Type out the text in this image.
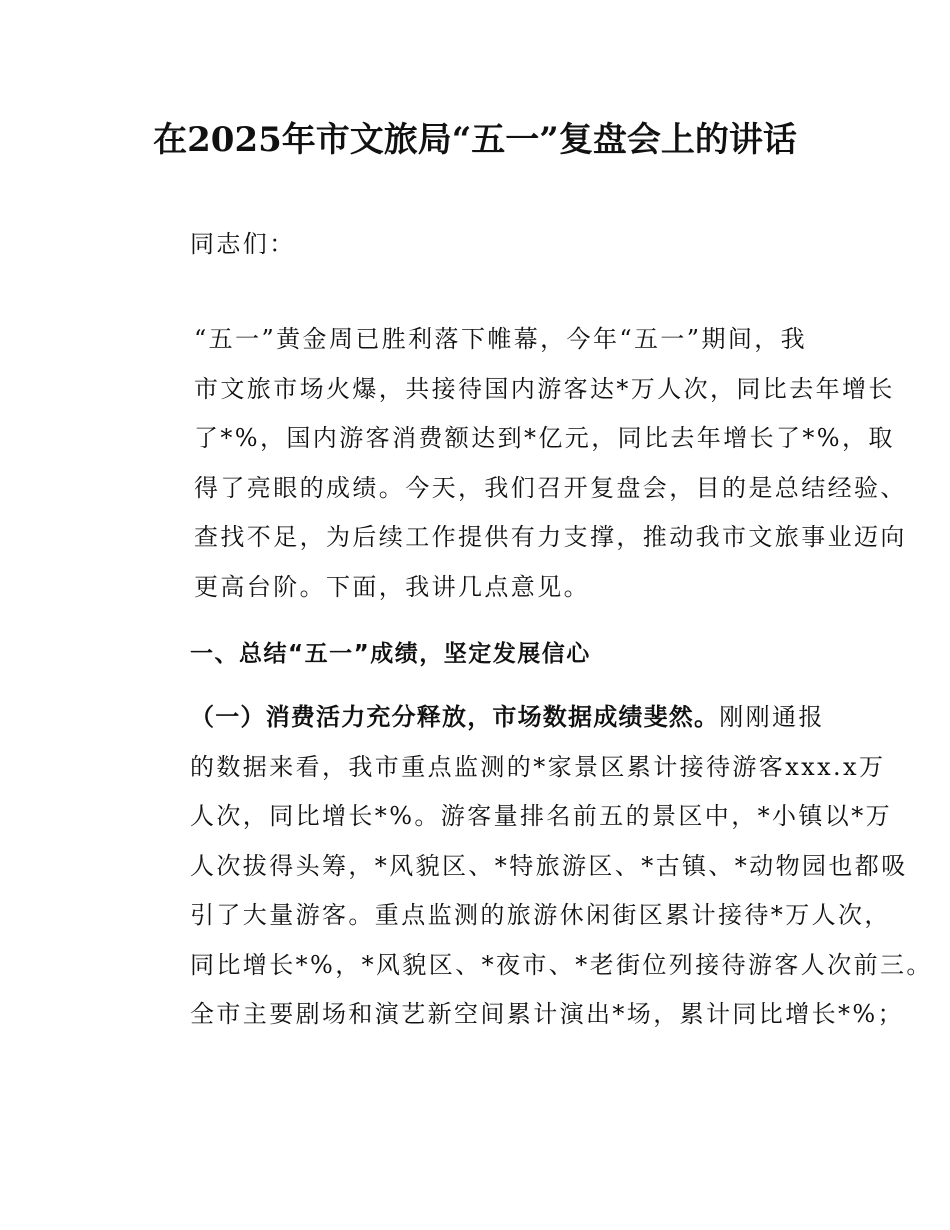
在2025年市文旅局“五一”复盘会上的讲话

同志们：

“五一”黄金周已胜利落下帷幕，今年“五一”期间，我
市文旅市场火爆，共接待国内游客达*万人次，同比去年增长
了*%，国内游客消费额达到*亿元，同比去年增长了*%，取
得了亮眼的成绩。今天，我们召开复盘会，目的是总结经验、
查找不足，为后续工作提供有力支撑，推动我市文旅事业迈向
更高台阶。下面，我讲几点意见。

一、总结“五一”成绩，坚定发展信心

（一）消费活力充分释放，市场数据成绩斐然。刚刚通报
的数据来看，我市重点监测的*家景区累计接待游客xxx.x万
人次，同比增长*%。游客量排名前五的景区中，*小镇以*万
人次拔得头筹，*风貌区、*特旅游区、*古镇、*动物园也都吸
引了大量游客。重点监测的旅游休闲街区累计接待*万人次，
同比增长*%，*风貌区、*夜市、*老街位列接待游客人次前三。
全市主要剧场和演艺新空间累计演出*场，累计同比增长*%；
